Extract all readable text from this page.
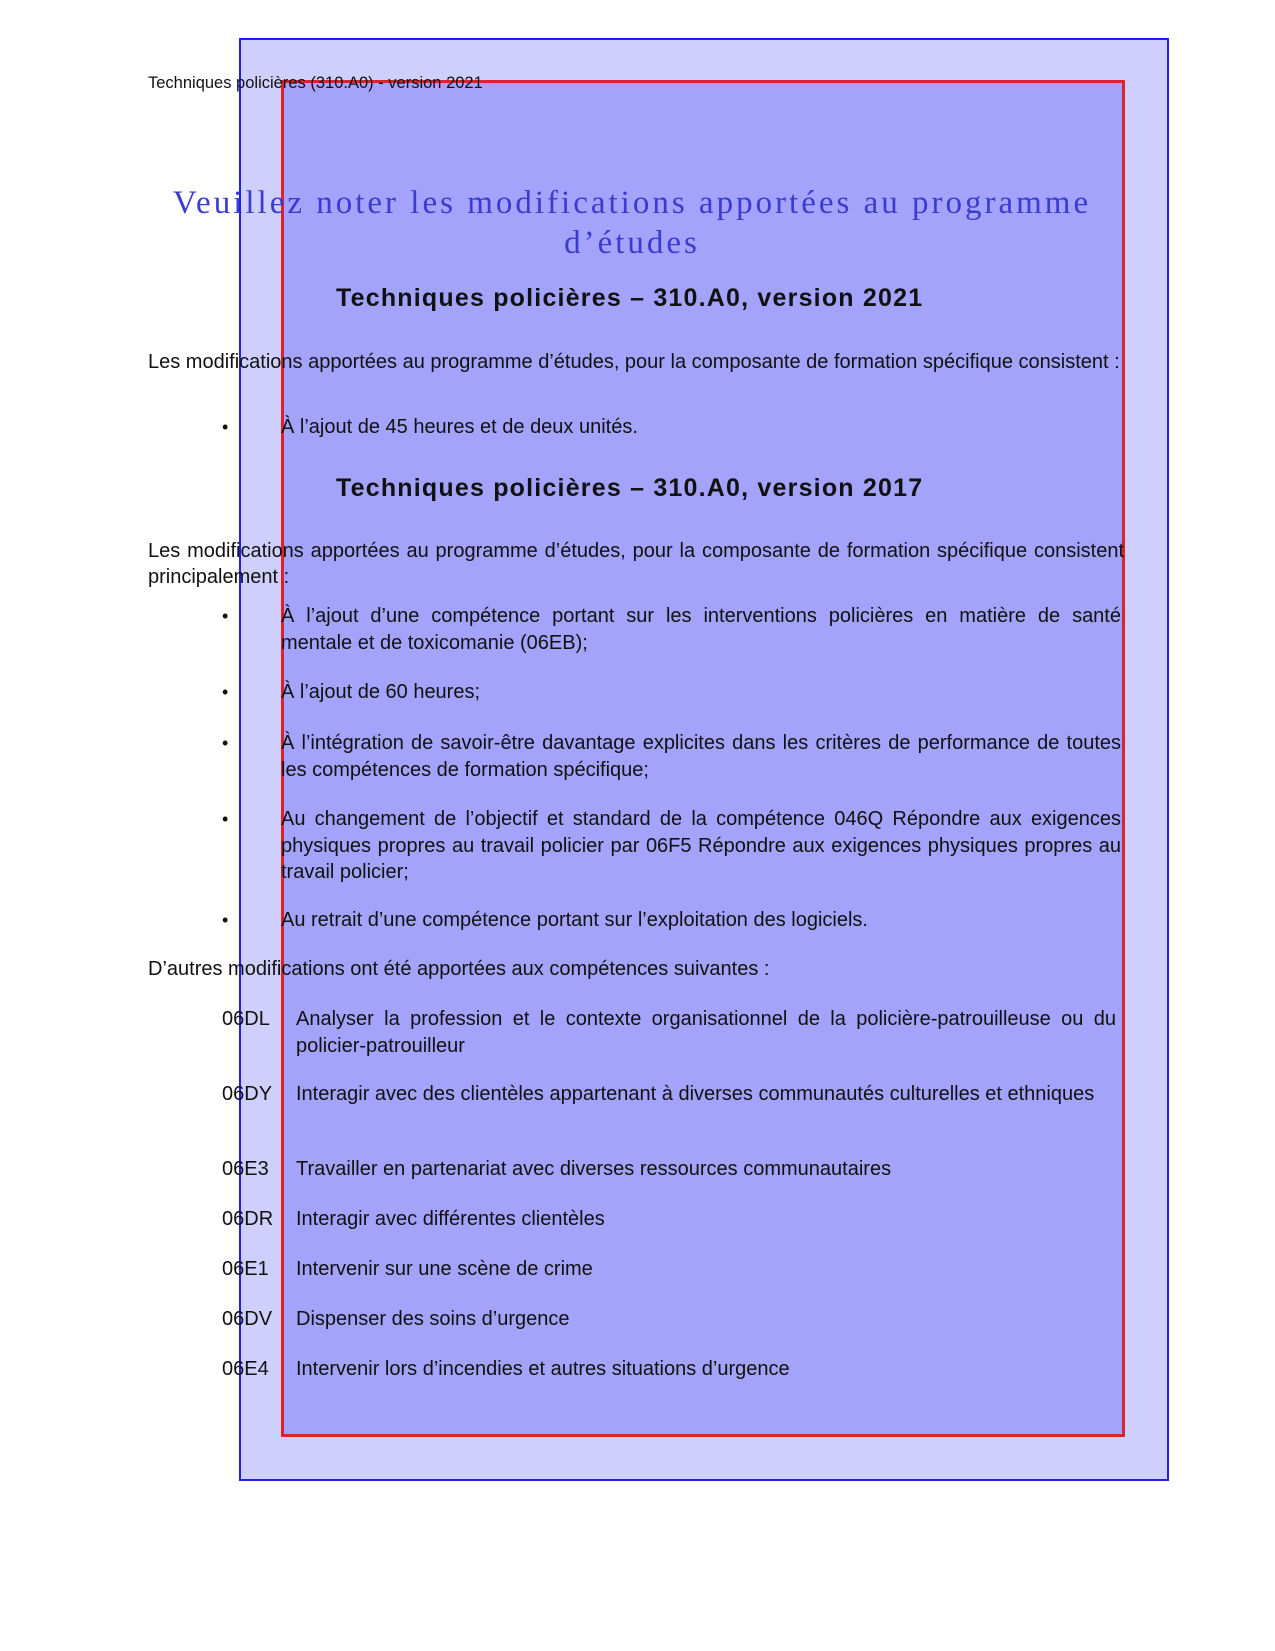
Techniques policières (310.A0) - version 2021
Veuillez noter les modifications apportées au programme d’études
Techniques policières – 310.A0, version 2021
Les modifications apportées au programme d’études, pour la composante de formation spécifique consistent :
•	À l’ajout de 45 heures et de deux unités.
Techniques policières – 310.A0, version 2017
Les modifications apportées au programme d’études, pour la composante de formation spécifique consistent principalement :
•	À l’ajout d’une compétence portant sur les interventions policières en matière de santé mentale et de toxicomanie (06EB);
•	À l’ajout de 60 heures;
•	À l’intégration de savoir-être davantage explicites dans les critères de performance de toutes les compétences de formation spécifique;
•	Au changement de l’objectif et standard de la compétence 046Q Répondre aux exigences physiques propres au travail policier par 06F5 Répondre aux exigences physiques propres au travail policier;
•	Au retrait d’une compétence portant sur l’exploitation des logiciels.
D’autres modifications ont été apportées aux compétences suivantes :
06DL Analyser la profession et le contexte organisationnel de la policière-patrouilleuse ou du policier-patrouilleur
06DY Interagir avec des clientèles appartenant à diverses communautés culturelles et ethniques
06E3 Travailler en partenariat avec diverses ressources communautaires
06DR Interagir avec différentes clientèles
06E1 Intervenir sur une scène de crime
06DV Dispenser des soins d’urgence
06E4 Intervenir lors d’incendies et autres situations d’urgence
